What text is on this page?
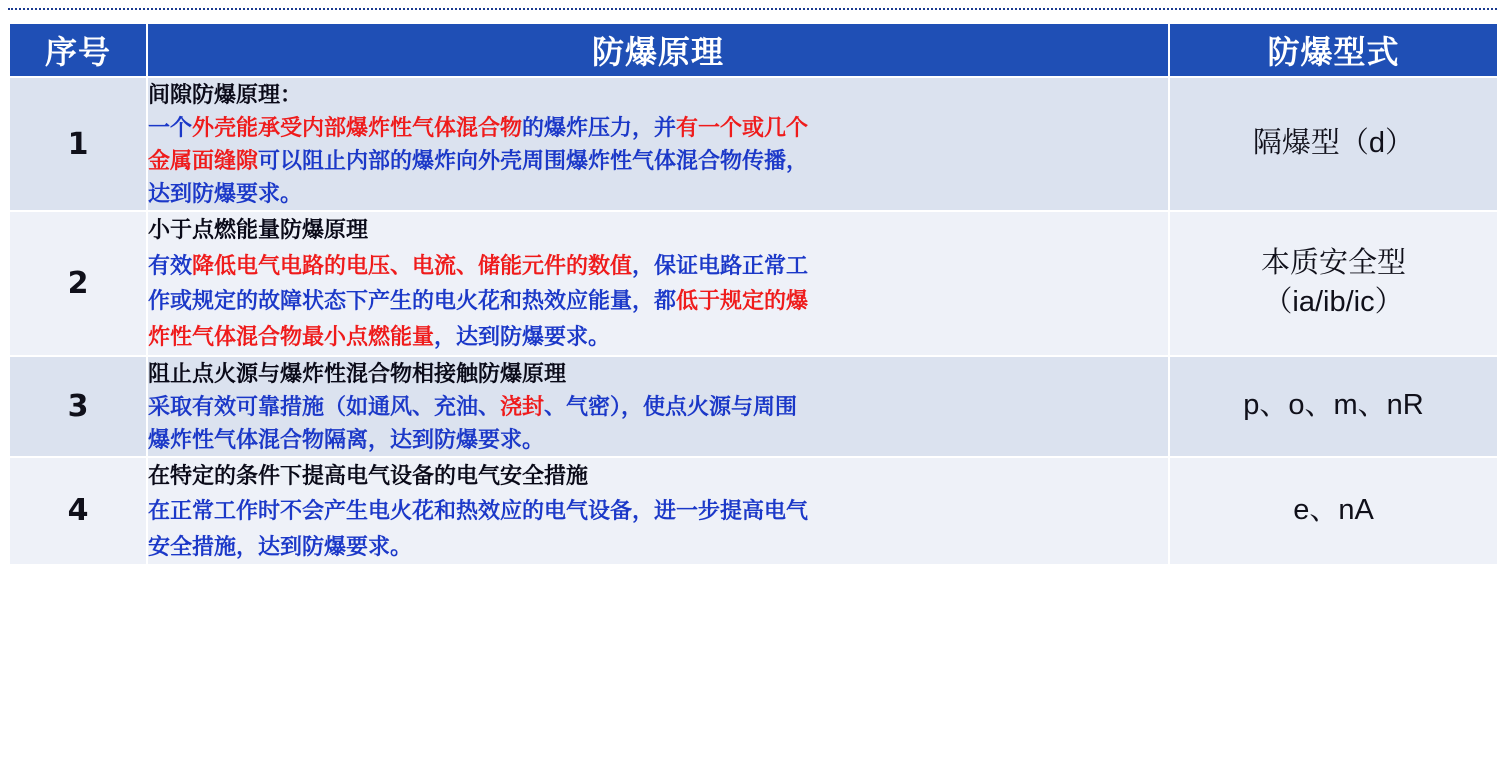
序号	防爆原理	防爆型式
1	间隙防爆原理：
一个外壳能承受内部爆炸性气体混合物的爆炸压力，并有一个或几个
金属面缝隙可以阻止内部的爆炸向外壳周围爆炸性气体混合物传播，
达到防爆要求。	隔爆型（d）
2	小于点燃能量防爆原理
有效降低电气电路的电压、电流、储能元件的数值，保证电路正常工
作或规定的故障状态下产生的电火花和热效应能量，都低于规定的爆
炸性气体混合物最小点燃能量，达到防爆要求。	本质安全型
（ia/ib/ic）

3	阻止点火源与爆炸性混合物相接触防爆原理
采取有效可靠措施（如通风、充油、浇封、气密），使点火源与周围
爆炸性气体混合物隔离，达到防爆要求。	p、o、m、nR
4	在特定的条件下提高电气设备的电气安全措施
在正常工作时不会产生电火花和热效应的电气设备，进一步提高电气
安全措施，达到防爆要求。	e、nA
